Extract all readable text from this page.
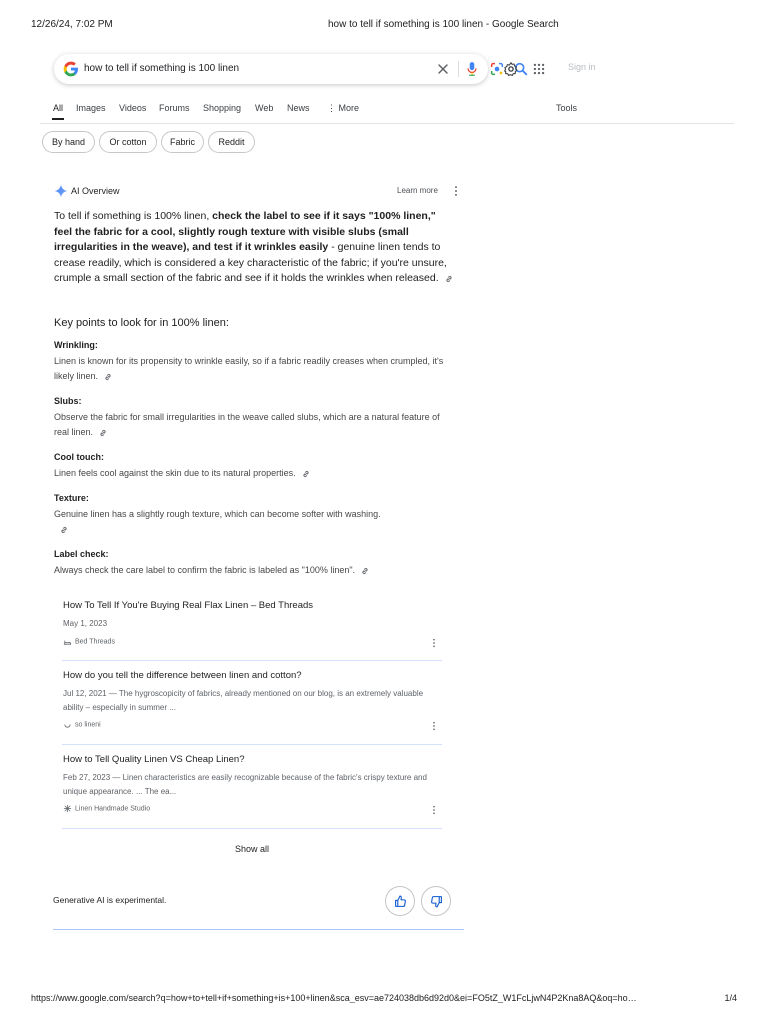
12/26/24, 7:02 PM	how to tell if something is 100 linen - Google Search
how to tell if something is 100 linen	Sign in
All Images Videos Forums Shopping Web News ⋮ More	Tools
By hand	Or cotton	Fabric	Reddit
AI Overview	Learn more
To tell if something is 100% linen, check the label to see if it says "100% linen," feel the fabric for a cool, slightly rough texture with visible slubs (small irregularities in the weave), and test if it wrinkles easily - genuine linen tends to crease readily, which is considered a key characteristic of the fabric; if you're unsure, crumple a small section of the fabric and see if it holds the wrinkles when released.
Key points to look for in 100% linen:
Wrinkling:
Linen is known for its propensity to wrinkle easily, so if a fabric readily creases when crumpled, it's likely linen.
Slubs:
Observe the fabric for small irregularities in the weave called slubs, which are a natural feature of real linen.
Cool touch:
Linen feels cool against the skin due to its natural properties.
Texture:
Genuine linen has a slightly rough texture, which can become softer with washing.
Label check:
Always check the care label to confirm the fabric is labeled as "100% linen".
How To Tell If You're Buying Real Flax Linen – Bed Threads
May 1, 2023
Bed Threads
How do you tell the difference between linen and cotton?
Jul 12, 2021 — The hygroscopicity of fabrics, already mentioned on our blog, is an extremely valuable ability – especially in summer ...
so lineni
How to Tell Quality Linen VS Cheap Linen?
Feb 27, 2023 — Linen characteristics are easily recognizable because of the fabric's crispy texture and unique appearance. ... The ea...
Linen Handmade Studio
Show all
Generative AI is experimental.
https://www.google.com/search?q=how+to+tell+if+something+is+100+linen&sca_esv=ae724038db6d92d0&ei=FO5tZ_W1FcLjwN4P2Kna8AQ&oq=ho…	1/4
